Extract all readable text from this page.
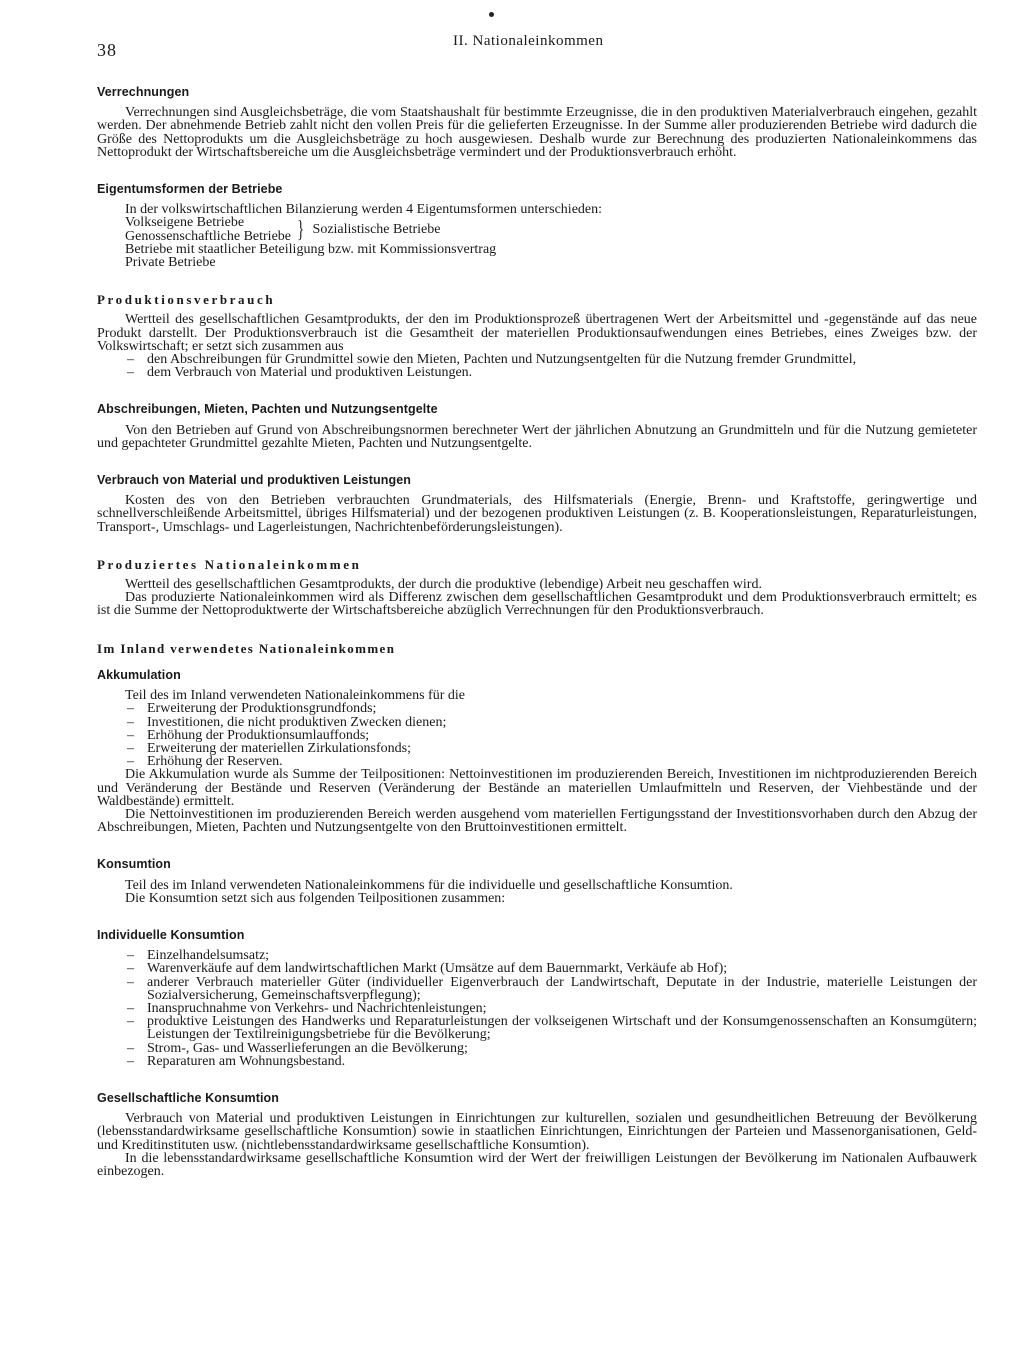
38	II. Nationaleinkommen
Verrechnungen

Verrechnungen sind Ausgleichsbeträge, die vom Staatshaushalt für bestimmte Erzeugnisse, die in den produktiven Materialverbrauch eingehen, gezahlt werden. Der abnehmende Betrieb zahlt nicht den vollen Preis für die gelieferten Erzeugnisse. In der Summe aller produzierenden Betriebe wird dadurch die Größe des Nettoprodukts um die Ausgleichsbeträge zu hoch ausgewiesen. Deshalb wurde zur Berechnung des produzierten Nationaleinkommens das Nettoprodukt der Wirtschaftsbereiche um die Ausgleichsbeträge vermindert und der Produktionsverbrauch erhöht.

Eigentumsformen der Betriebe

In der volkswirtschaftlichen Bilanzierung werden 4 Eigentumsformen unterschieden:

Volkseigene Betriebe
Genossenschaftliche Betriebe } Sozialistische Betriebe
Betriebe mit staatlicher Beteiligung bzw. mit Kommissionsvertrag
Private Betriebe
Produktionsverbrauch

Wertteil des gesellschaftlichen Gesamtprodukts, der den im Produktionsprozeß übertragenen Wert der Arbeitsmittel und -gegenstände auf das neue Produkt darstellt. Der Produktionsverbrauch ist die Gesamtheit der materiellen Produktionsaufwendungen eines Betriebes, eines Zweiges bzw. der Volkswirtschaft; er setzt sich zusammen aus

– den Abschreibungen für Grundmittel sowie den Mieten, Pachten und Nutzungsentgelten für die Nutzung fremder Grundmittel,
– dem Verbrauch von Material und produktiven Leistungen.
Abschreibungen, Mieten, Pachten und Nutzungsentgelte

Von den Betrieben auf Grund von Abschreibungsnormen berechneter Wert der jährlichen Abnutzung an Grundmitteln und für die Nutzung gemieteter und gepachteter Grundmittel gezahlte Mieten, Pachten und Nutzungsentgelte.

Verbrauch von Material und produktiven Leistungen

Kosten des von den Betrieben verbrauchten Grundmaterials, des Hilfsmaterials (Energie, Brenn- und Kraftstoffe, geringwertige und schnellverschleißende Arbeitsmittel, übriges Hilfsmaterial) und der bezogenen produktiven Leistungen (z. B. Kooperationsleistungen, Reparaturleistungen, Transport-, Umschlags- und Lagerleistungen, Nachrichtenbeförderungsleistungen).

Produziertes Nationaleinkommen

Wertteil des gesellschaftlichen Gesamtprodukts, der durch die produktive (lebendige) Arbeit neu geschaffen wird.

Das produzierte Nationaleinkommen wird als Differenz zwischen dem gesellschaftlichen Gesamtprodukt und dem Produktionsverbrauch ermittelt; es ist die Summe der Nettoproduktwerte der Wirtschaftsbereiche abzüglich Verrechnungen für den Produktionsverbrauch.

Im Inland verwendetes Nationaleinkommen
Akkumulation

Teil des im Inland verwendeten Nationaleinkommens für die

– Erweiterung der Produktionsgrundfonds;
– Investitionen, die nicht produktiven Zwecken dienen;
– Erhöhung der Produktionsumlauffonds;
– Erweiterung der materiellen Zirkulationsfonds;
– Erhöhung der Reserven.

Die Akkumulation wurde als Summe der Teilpositionen: Nettoinvestitionen im produzierenden Bereich, Investitionen im nichtproduzierenden Bereich und Veränderung der Bestände und Reserven (Veränderung der Bestände an materiellen Umlaufmitteln und Reserven, der Viehbestände und der Waldbestände) ermittelt.

Die Nettoinvestitionen im produzierenden Bereich werden ausgehend vom materiellen Fertigungsstand der Investitionsvorhaben durch den Abzug der Abschreibungen, Mieten, Pachten und Nutzungsentgelte von den Bruttoinvestitionen ermittelt.

Konsumtion

Teil des im Inland verwendeten Nationaleinkommens für die individuelle und gesellschaftliche Konsumtion.

Die Konsumtion setzt sich aus folgenden Teilpositionen zusammen:

Individuelle Konsumtion
– Einzelhandelsumsatz;
– Warenverkäufe auf dem landwirtschaftlichen Markt (Umsätze auf dem Bauernmarkt, Verkäufe ab Hof);
– anderer Verbrauch materieller Güter (individueller Eigenverbrauch der Landwirtschaft, Deputate in der Industrie, materielle Leistungen der Sozialversicherung, Gemeinschaftsverpflegung);
– Inanspruchnahme von Verkehrs- und Nachrichtenleistungen;
– produktive Leistungen des Handwerks und Reparaturleistungen der volkseigenen Wirtschaft und der Konsumgenossenschaften an Konsumgütern; Leistungen der Textilreinigungsbetriebe für die Bevölkerung;
– Strom-, Gas- und Wasserlieferungen an die Bevölkerung;
– Reparaturen am Wohnungsbestand.
Gesellschaftliche Konsumtion

Verbrauch von Material und produktiven Leistungen in Einrichtungen zur kulturellen, sozialen und gesundheitlichen Betreuung der Bevölkerung (lebensstandardwirksame gesellschaftliche Konsumtion) sowie in staatlichen Einrichtungen, Einrichtungen der Parteien und Massenorganisationen, Geld- und Kreditinstituten usw. (nichtlebensstandardwirksame gesellschaftliche Konsumtion).

In die lebensstandardwirksame gesellschaftliche Konsumtion wird der Wert der freiwilligen Leistungen der Bevölkerung im Nationalen Aufbauwerk einbezogen.
